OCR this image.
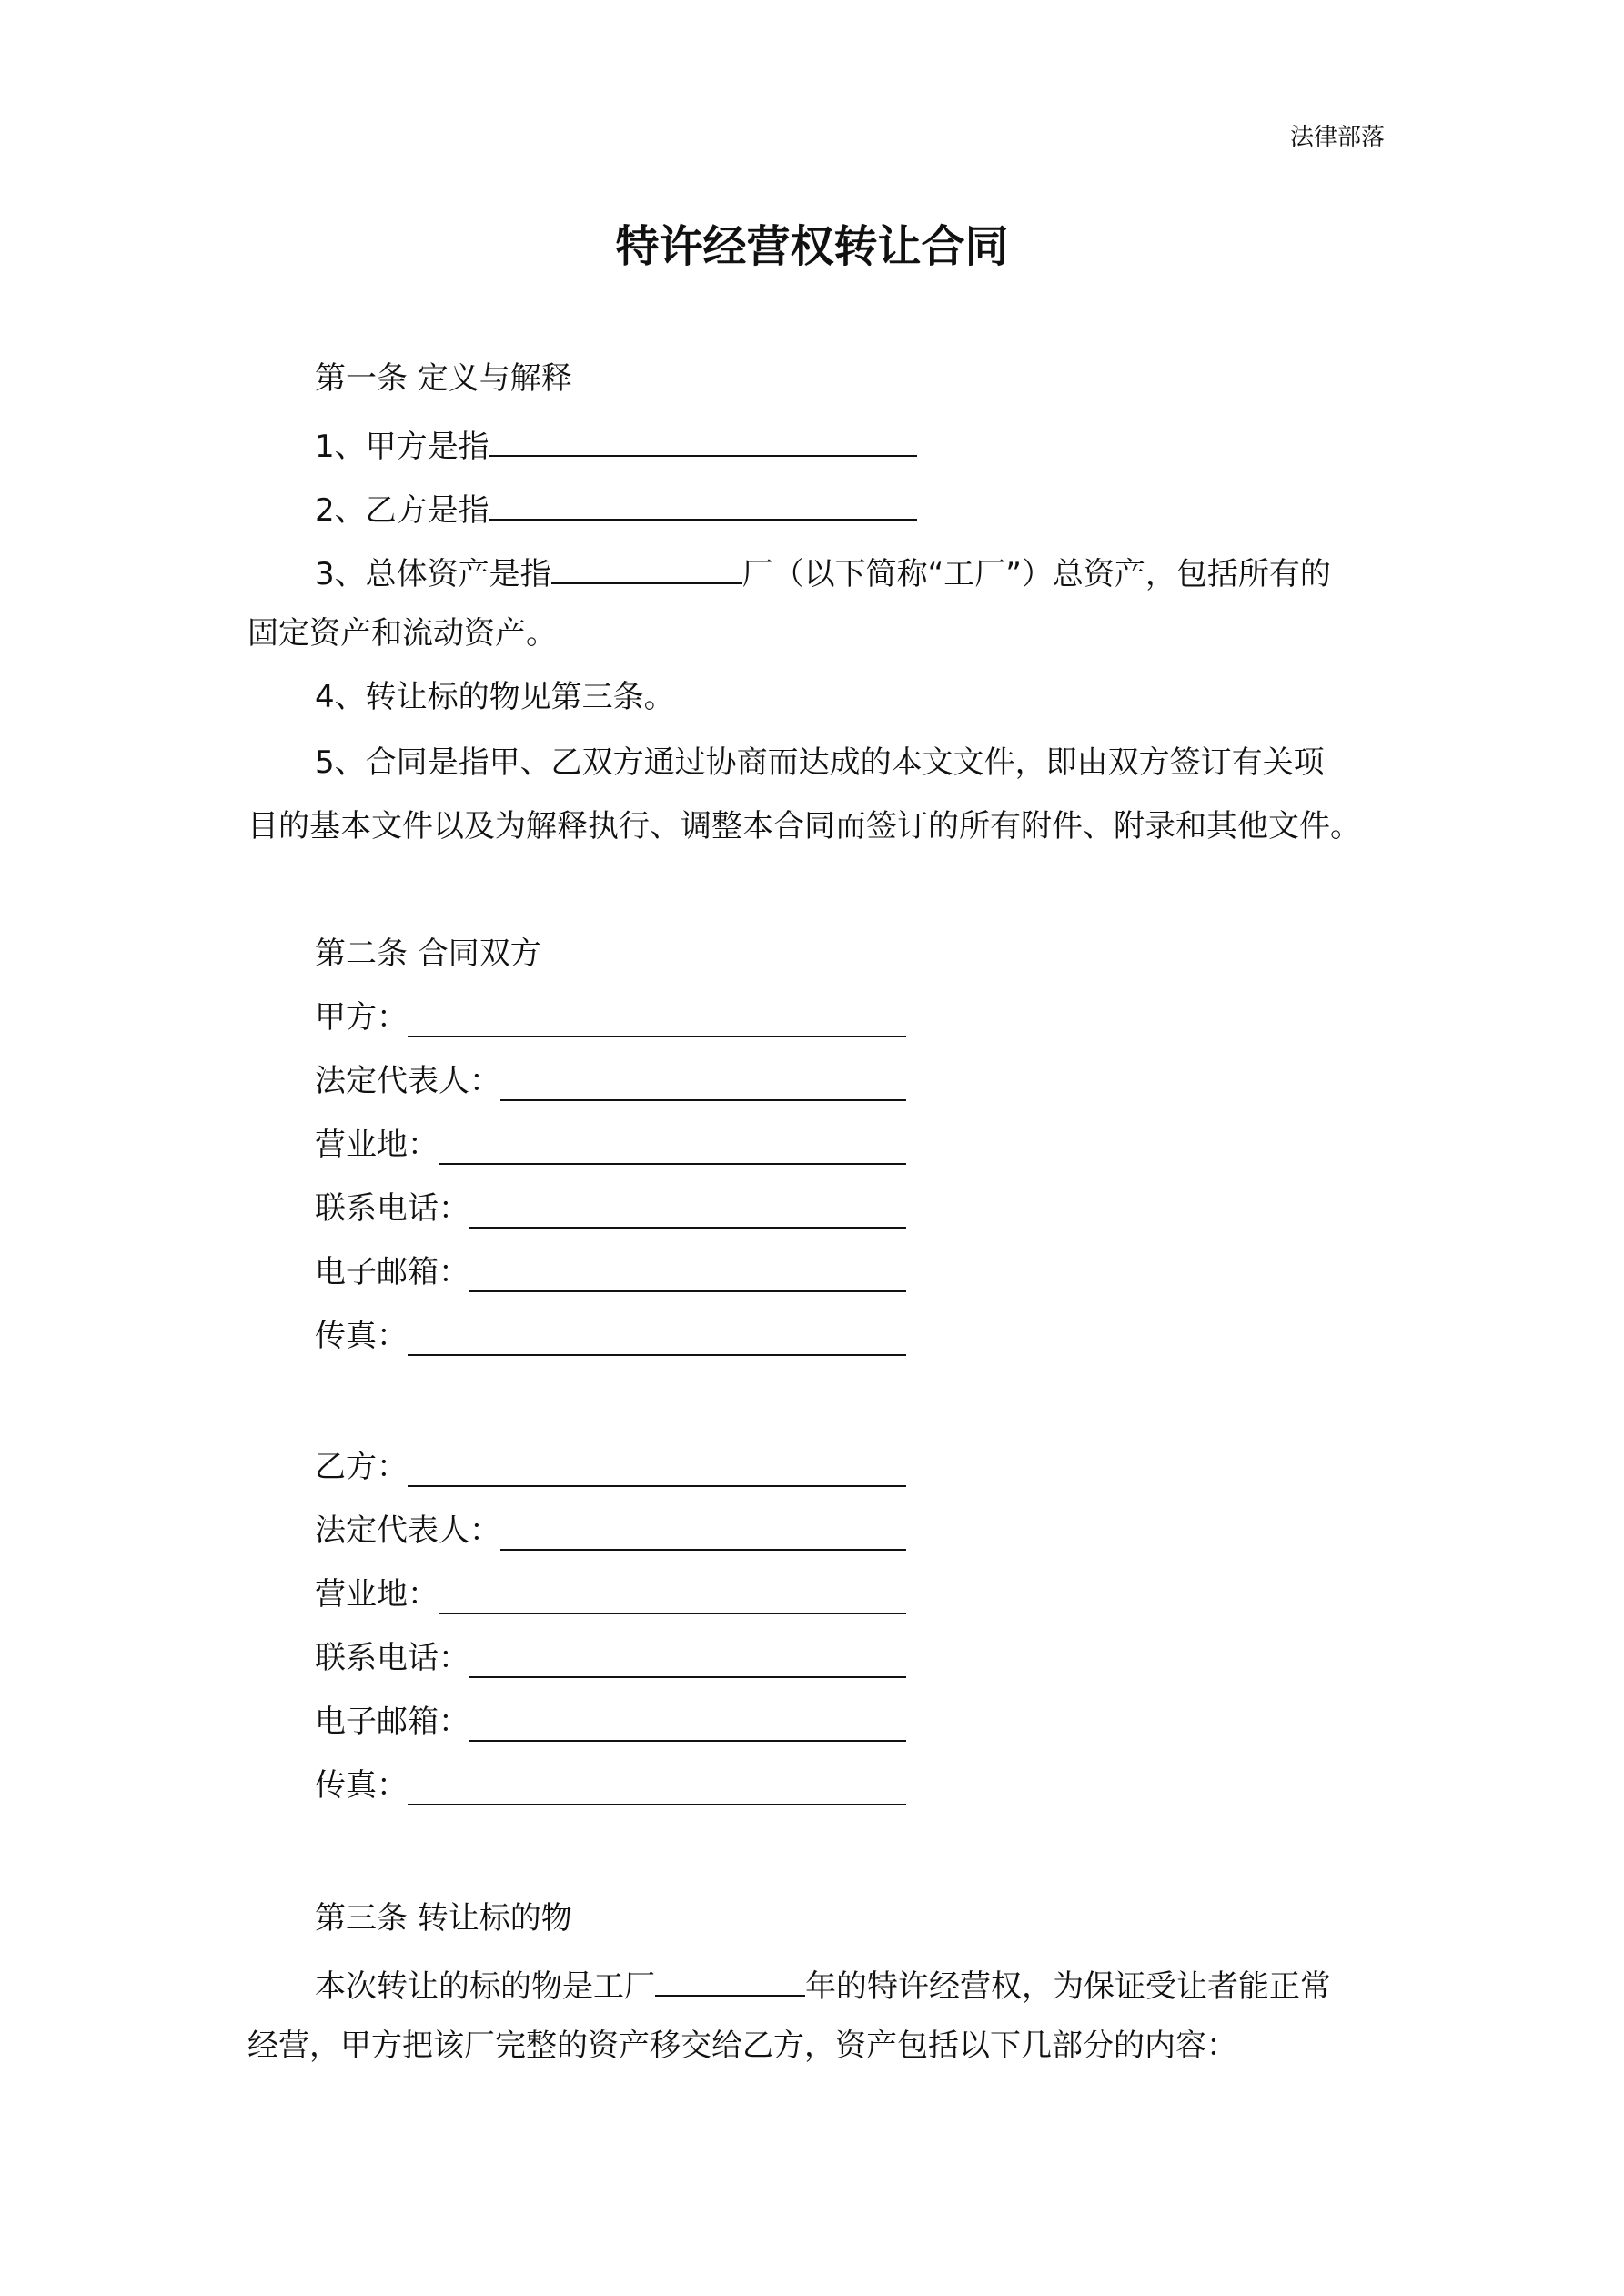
法律部落
特许经营权转让合同
第一条 定义与解释
1、甲方是指
2、乙方是指
3、总体资产是指	厂（以下简称“工厂”）总资产，包括所有的
固定资产和流动资产。
4、转让标的物见第三条。
5、合同是指甲、乙双方通过协商而达成的本文文件，即由双方签订有关项
目的基本文件以及为解释执行、调整本合同而签订的所有附件、附录和其他文件。
第二条 合同双方
甲方：
法定代表人：
营业地：
联系电话：
电子邮箱：
传真：
乙方：
法定代表人：
营业地：
联系电话：
电子邮箱：
传真：
第三条 转让标的物
本次转让的标的物是工厂	年的特许经营权，为保证受让者能正常
经营，甲方把该厂完整的资产移交给乙方，资产包括以下几部分的内容：
